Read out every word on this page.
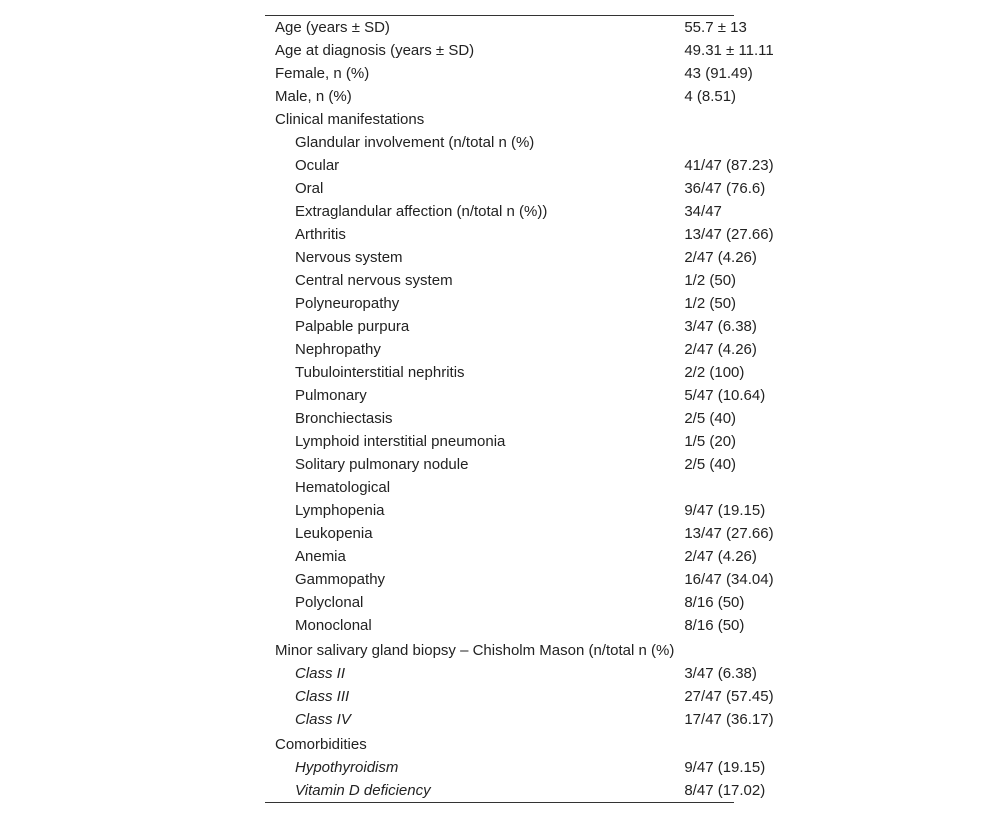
Age (years ± SD)	55.7 ± 13
Age at diagnosis (years ± SD)	49.31 ± 11.11
Female, n (%)	43 (91.49)
Male, n (%)	4 (8.51)
Clinical manifestations	
Glandular involvement (n/total n (%)	
Ocular	41/47 (87.23)
Oral	36/47 (76.6)
Extraglandular affection (n/total n (%))	34/47
Arthritis	13/47 (27.66)
Nervous system	2/47 (4.26)
Central nervous system	1/2 (50)
Polyneuropathy	1/2 (50)
Palpable purpura	3/47 (6.38)
Nephropathy	2/47 (4.26)
Tubulointerstitial nephritis	2/2 (100)
Pulmonary	5/47 (10.64)
Bronchiectasis	2/5 (40)
Lymphoid interstitial pneumonia	1/5 (20)
Solitary pulmonary nodule	2/5 (40)
Hematological	
Lymphopenia	9/47 (19.15)
Leukopenia	13/47 (27.66)
Anemia	2/47 (4.26)
Gammopathy	16/47 (34.04)
Polyclonal	8/16 (50)
Monoclonal	8/16 (50)
Minor salivary gland biopsy – Chisholm Mason (n/total n (%)	
Class II	3/47 (6.38)
Class III	27/47 (57.45)
Class IV	17/47 (36.17)
Comorbidities	
Hypothyroidism	9/47 (19.15)
Vitamin D deficiency	8/47 (17.02)
